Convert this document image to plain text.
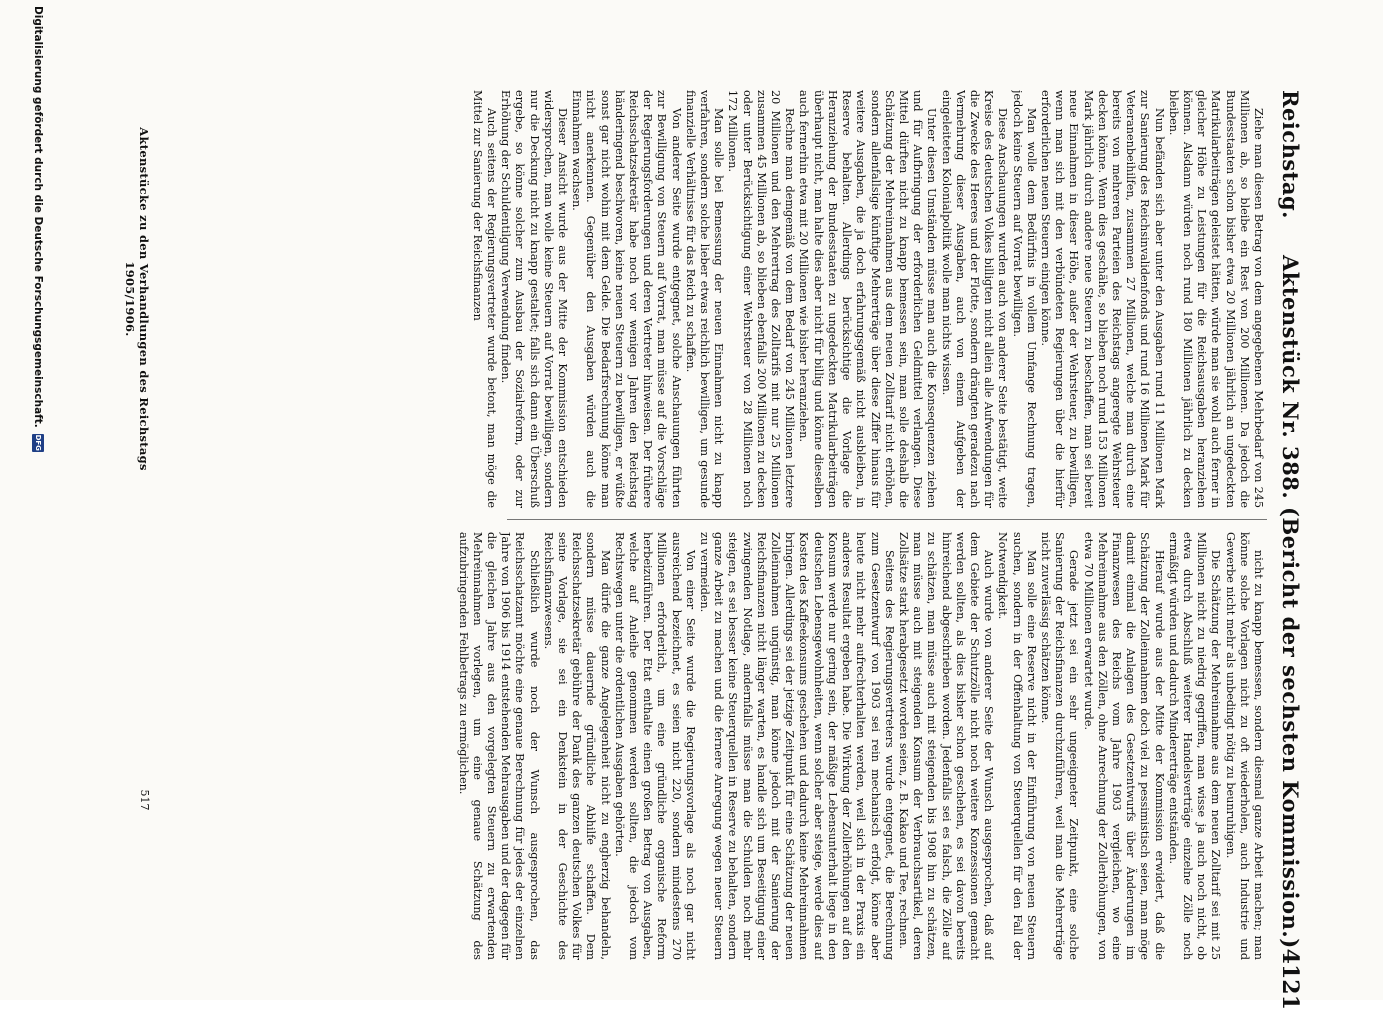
Reichstag.
Aktenstück Nr. 388. (Bericht der sechsten Kommission.)
4121

Ziehe man diesen Betrag von dem angegebenen Mehrbedarf von 245 Millionen ab, so bleibe ein Rest von 200 Millionen. Da jedoch die Bundesstaaten schon bisher etwa 20 Millionen jährlich an ungedeckten Matrikularbeiträgen geleistet hätten, würde man sie wohl auch ferner in gleicher Höhe zu Leistungen für die Reichsausgaben heranziehen können. Alsdann würden noch rund 180 Millionen jährlich zu decken bleiben.

Nun befänden sich aber unter den Ausgaben rund 11 Millionen Mark zur Sanierung des Reichsinvalidenfonds und rund 16 Millionen Mark für Veteranenbeihilfen, zusammen 27 Millionen, welche man durch eine bereits von mehreren Parteien des Reichstags angeregte Wehrsteuer decken könne. Wenn dies geschähe, so blieben noch rund 153 Millionen Mark jährlich durch andere neue Steuern zu beschaffen, man sei bereit neue Einnahmen in dieser Höhe, außer der Wehrsteuer, zu bewilligen, wenn man sich mit den verbündeten Regierungen über die hierfür erforderlichen neuen Steuern einigen könne.

Man wolle dem Bedürfnis in vollem Umfange Rechnung tragen, jedoch keine Steuern auf Vorrat bewilligen.

Diese Anschauungen wurden auch von anderer Seite bestätigt, weite Kreise des deutschen Volkes billigten nicht allein alle Aufwendungen für die Zwecke des Heeres und der Flotte, sondern drängten geradezu nach Vermehrung dieser Ausgaben, auch von einem Aufgeben der eingeleiteten Kolonialpolitik wolle man nichts wissen.

Unter diesen Umständen müsse man auch die Konsequenzen ziehen und für Aufbringung der erforderlichen Geldmittel verlangen. Diese Mittel dürften nicht zu knapp bemessen sein, man solle deshalb die Schätzung der Mehreinnahmen aus dem neuen Zolltarif nicht erhöhen, sondern allenfallsige künftige Mehrerträge über diese Ziffer hinaus für weitere Ausgaben, die ja doch erfahrungsgemäß nicht ausbleiben, in Reserve behalten. Allerdings berücksichtige die Vorlage die Heranziehung der Bundesstaaten zu ungedeckten Matrikularbeiträgen überhaupt nicht, man halte dies aber nicht für billig und könne dieselben auch fernerhin etwa mit 20 Millionen wie bisher heranziehen.

Rechne man demgemäß von dem Bedarf von 245 Millionen letztere 20 Millionen und den Mehrertrag des Zolltarifs mit nur 25 Millionen zusammen 45 Millionen ab, so blieben ebenfalls 200 Millionen zu decken oder unter Berücksichtigung einer Wehrsteuer von 28 Millionen noch 172 Millionen.

Man solle bei Bemessung der neuen Einnahmen nicht zu knapp verfahren, sondern solche lieber etwas reichlich bewilligen, um gesunde finanzielle Verhältnisse für das Reich zu schaffen.

Von anderer Seite wurde entgegnet, solche Anschauungen führten zur Bewilligung von Steuern auf Vorrat, man müsse auf die Vorschläge der Regierungsforderungen und deren Vertreter hinweisen. Der frühere Reichsschatzsekretär habe noch vor wenigen Jahren den Reichstag händeringend beschworen, keine neuen Steuern zu bewilligen, er wüßte sonst gar nicht wohin mit dem Gelde. Die Bedarfsrechnung könne man nicht anerkennen. Gegenüber den Ausgaben würden auch die Einnahmen wachsen.

Dieser Ansicht wurde aus der Mitte der Kommission entschieden widersprochen, man wolle keine Steuern auf Vorrat bewilligen, sondern nur die Deckung nicht zu knapp gestaltet; falls sich dann ein Überschuß ergebe, so könne solcher zum Ausbau der Sozialreform, oder zur Erhöhung der Schuldentilgung Verwendung finden.

Auch seitens der Regierungsvertreter wurde betont, man möge die Mittel zur Sanierung der Reichsfinanzen

nicht zu knapp bemessen, sondern diesmal ganze Arbeit machen; man könne solche Vorlagen nicht zu oft wiederholen, auch Industrie und Gewerbe nicht mehr als unbedingt nötig zu beunruhigen.

Die Schätzung der Mehreinnahme aus dem neuen Zolltarif sei mit 25 Millionen nicht zu niedrig gegriffen, man wisse ja auch noch nicht, ob etwa durch Abschluß weiterer Handelsverträge einzelne Zölle noch ermäßigt würden und dadurch Mindererträge entständen.

Hierauf wurde aus der Mitte der Kommission erwidert, daß die Schätzung der Zolleinnahmen doch viel zu pessimistisch seien, man möge damit einmal die Anlagen des Gesetzentwurfs über Änderungen im Finanzwesen des Reichs vom Jahre 1903 vergleichen, wo eine Mehreinnahme aus den Zöllen, ohne Anrechnung der Zollerhöhungen, von etwa 70 Millionen erwartet wurde.

Gerade jetzt sei ein sehr ungeeigneter Zeitpunkt, eine solche Sanierung der Reichsfinanzen durchzuführen, weil man die Mehrerträge nicht zuverlässig schätzen könne.

Man solle eine Reserve nicht in der Einführung von neuen Steuern suchen, sondern in der Offenhaltung von Steuerquellen für den Fall der Notwendigkeit.

Auch wurde von anderer Seite der Wunsch ausgesprochen, daß auf dem Gebiete der Schutzzölle nicht noch weitere Konzessionen gemacht werden sollten, als dies bisher schon geschehen, es sei davon bereits hinreichend abgeschrieben worden. Jedenfalls sei es falsch, die Zölle auf zu schätzen, man müsse auch mit steigenden bis 1908 hin zu schätzen, man müsse auch mit steigenden Konsum der Verbrauchsartikel, deren Zollsätze stark herabgesetzt worden seien, z. B. Kakao und Tee, rechnen.

Seitens des Regierungsvertreters wurde entgegnet, die Berechnung zum Gesetzentwurf von 1903 sei rein mechanisch erfolgt, könne aber heute nicht mehr aufrechterhalten werden, weil sich in der Praxis ein anderes Resultat ergeben habe. Die Wirkung der Zollerhöhungen auf den Konsum werde nur gering sein, der mäßige Lebensunterhalt liege in den deutschen Lebensgewohnheiten, wenn solcher aber steige, werde dies auf Kosten des Kaffeekonsums geschehen und dadurch keine Mehreinnahmen bringen. Allerdings sei der jetzige Zeitpunkt für eine Schätzung der neuen Zolleinnahmen ungünstig, man könne jedoch mit der Sanierung der Reichsfinanzen nicht länger warten, es handle sich um Beseitigung einer zwingenden Notlage, andernfalls müsse man die Schulden noch mehr steigen, es sei besser keine Steuerquellen in Reserve zu behalten, sondern ganze Arbeit zu machen und die fernere Anregung wegen neuer Steuern zu vermeiden.

Von einer Seite wurde die Regierungsvorlage als noch gar nicht ausreichend bezeichnet, es seien nicht 220, sondern mindestens 270 Millionen erforderlich, um eine gründliche organische Reform herbeizuführen. Der Etat enthalte einen großen Betrag von Ausgaben, welche auf Anleihe genommen werden sollten, die jedoch vom Rechtswegen unter die ordentlichen Ausgaben gehörten.

Man dürfe die ganze Angelegenheit nicht zu engherzig behandeln, sondern müsse dauernde gründliche Abhilfe schaffen. Dem Reichsschatzsekretär gebühre der Dank des ganzen deutschen Volkes für seine Vorlage, sie sei ein Denkstein in der Geschichte des Reichsfinanzwesens.

Schließlich wurde noch der Wunsch ausgesprochen, das Reichsschatzamt möchte eine genaue Berechnung für jedes der einzelnen Jahre von 1906 bis 1914 entstehenden Mehrausgaben und der dagegen für die gleichen Jahre aus den vorgelegten Steuern zu erwartenden Mehreinnahmen vorlegen, um eine genaue Schätzung des aufzubringenden Fehlbetrags zu ermöglichen.

Aktenstücke zu den Verhandlungen des Reichstags 1905/1906.
517
Digitalisierung gefördert durch die Deutsche Forschungsgemeinschaft.
DFG
